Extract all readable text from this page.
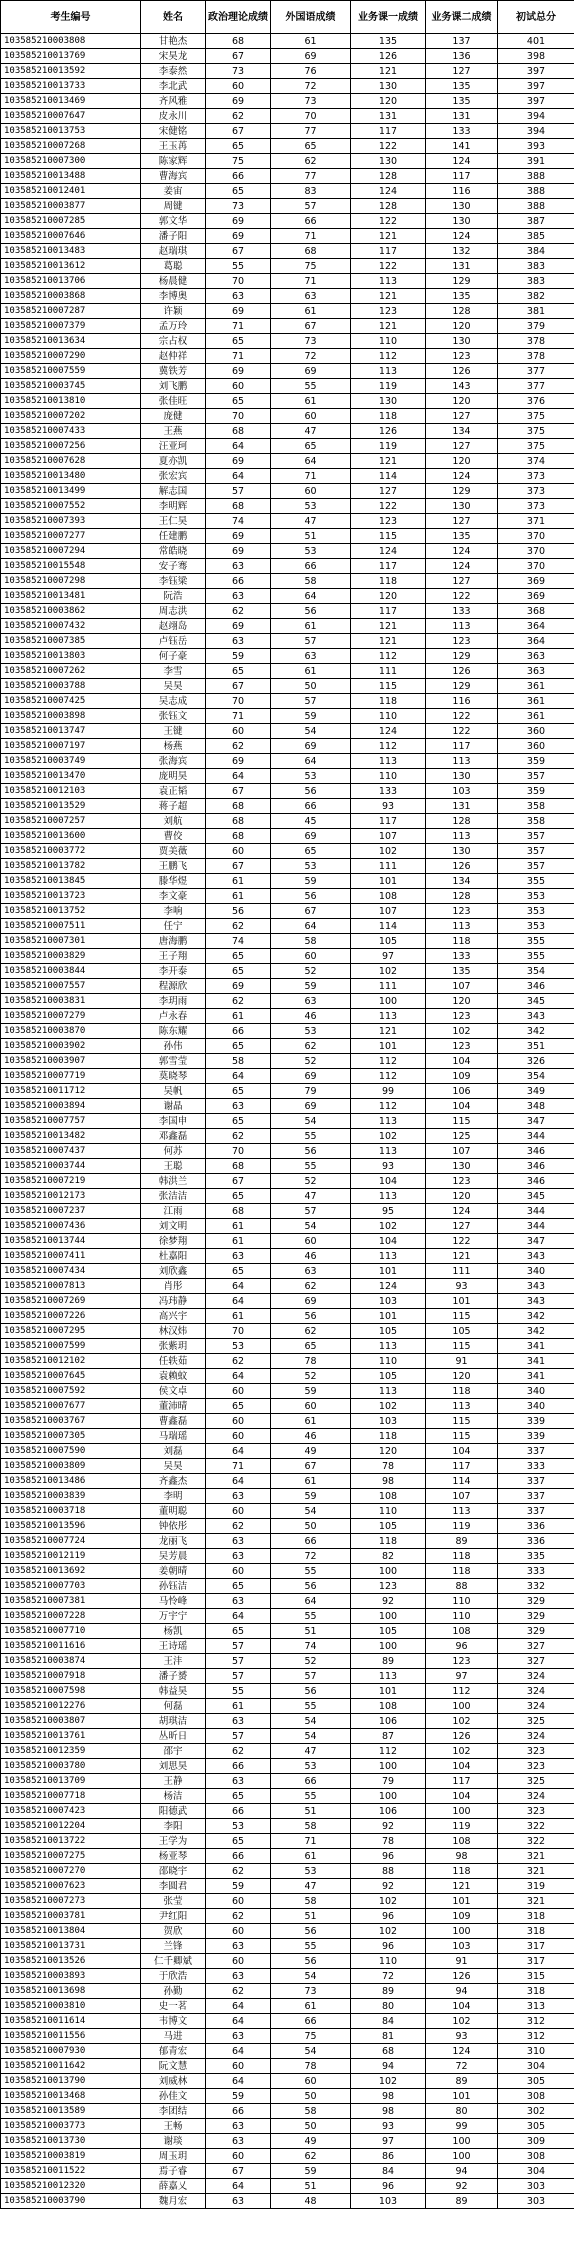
考生编号	姓名	政治理论成绩	外国语成绩	业务课一成绩	业务课二成绩	初试总分
103585210003808	甘艳杰	68	61	135	137	401
103585210013769	宋昊龙	67	69	126	136	398
103585210013592	李泰然	73	76	121	127	397
103585210013733	李北武	60	72	130	135	397
103585210013469	齐风雅	69	73	120	135	397
103585210007647	皮永川	62	70	131	131	394
103585210013753	宋健铭	67	77	117	133	394
103585210007268	王玉苒	65	65	122	141	393
103585210007300	陈家辉	75	62	130	124	391
103585210013488	曹海宾	66	77	128	117	388
103585210012401	姜宙	65	83	124	116	388
103585210003877	周键	73	57	128	130	388
103585210007285	郭文华	69	66	122	130	387
103585210007646	潘子阳	69	71	121	124	385
103585210013483	赵瑞琪	67	68	117	132	384
103585210013612	葛聪	55	75	122	131	383
103585210013706	杨晨健	70	71	113	129	383
103585210003868	李博奥	63	63	121	135	382
103585210007287	许颖	69	61	123	128	381
103585210007379	孟万玲	71	67	121	120	379
103585210013634	宗占权	65	73	110	130	378
103585210007290	赵仲祥	71	72	112	123	378
103585210007559	冀铁芳	69	69	113	126	377
103585210003745	刘飞鹏	60	55	119	143	377
103585210013810	张佳旺	65	61	130	120	376
103585210007202	庞健	70	60	118	127	375
103585210007433	王燕	68	47	126	134	375
103585210007256	汪亚珂	64	65	119	127	375
103585210007628	夏亦凯	69	64	121	120	374
103585210013480	张宏宾	64	71	114	124	373
103585210013499	解志国	57	60	127	129	373
103585210007552	李明辉	68	53	122	130	373
103585210007393	王仁昊	74	47	123	127	371
103585210007277	任建鹏	69	51	115	135	370
103585210007294	常皓晓	69	53	124	124	370
103585210015548	安子骞	63	66	117	124	370
103585210007298	李钰梁	66	58	118	127	369
103585210013481	阮浩	63	64	120	122	369
103585210003862	周志洪	62	56	117	133	368
103585210007432	赵翊岛	69	61	121	113	364
103585210007385	卢钰岳	63	57	121	123	364
103585210013803	何子豪	59	63	112	129	363
103585210007262	李雪	65	61	111	126	363
103585210003788	吴昊	67	50	115	129	361
103585210007425	吴志成	70	57	118	116	361
103585210003898	张钰文	71	59	110	122	361
103585210013747	王键	60	54	124	122	360
103585210007197	杨燕	62	69	112	117	360
103585210003749	张海宾	69	64	113	113	359
103585210013470	庞明昊	64	53	110	130	357
103585210012103	袁正韬	67	56	133	103	359
103585210013529	蒋子超	68	66	93	131	358
103585210007257	刘航	68	45	117	128	358
103585210013600	曹佼	68	69	107	113	357
103585210003772	贾美薇	60	65	102	130	357
103585210013782	王鹏飞	67	53	111	126	357
103585210013845	滕华煜	61	59	101	134	355
103585210013723	李文豪	61	56	108	128	353
103585210013752	李响	56	67	107	123	353
103585210007511	任宁	62	64	114	113	353
103585210007301	唐海鹏	74	58	105	118	355
103585210003829	王子翔	65	60	97	133	355
103585210003844	李开泰	65	52	102	135	354
103585210007557	程源欣	69	59	111	107	346
103585210003831	李玥雨	62	63	100	120	345
103585210007279	卢永春	61	46	113	123	343
103585210003870	陈东耀	66	53	121	102	342
103585210003902	孙伟	65	62	101	123	351
103585210003907	郭雪莹	58	52	112	104	326
103585210007719	莫晓琴	64	69	112	109	354
103585210011712	吴帆	65	79	99	106	349
103585210003894	谢晶	63	69	112	104	348
103585210007757	李国申	65	54	113	115	347
103585210013482	邓鑫磊	62	55	102	125	344
103585210007437	何苏	70	56	113	107	346
103585210003744	王聪	68	55	93	130	346
103585210007219	韩洪兰	67	52	104	123	346
103585210012173	张洁洁	65	47	113	120	345
103585210007237	江雨	68	57	95	124	344
103585210007436	刘文明	61	54	102	127	344
103585210013744	徐梦翔	61	60	104	122	347
103585210007411	杜嘉阳	63	46	113	121	343
103585210007434	刘欣鑫	65	63	101	111	340
103585210007813	肖彤	64	62	124	93	343
103585210007269	冯玮静	64	69	103	101	343
103585210007226	高兴宇	61	56	101	115	342
103585210007295	林汉炜	70	62	105	105	342
103585210007599	张紫玥	53	65	113	115	341
103585210012102	任轶茹	62	78	110	91	341
103585210007645	袁赖蚊	64	52	105	120	341
103585210007592	侯文卓	60	59	113	118	340
103585210007677	董沛晴	65	60	102	113	340
103585210003767	曹鑫磊	60	61	103	115	339
103585210007305	马瑞瑶	60	46	118	115	339
103585210007590	刘磊	64	49	120	104	337
103585210003809	吴昊	71	67	78	117	333
103585210013486	齐鑫杰	64	61	98	114	337
103585210003839	李明	63	59	108	107	337
103585210003718	董明聪	60	54	110	113	337
103585210013596	钟依彤	62	50	105	119	336
103585210007724	龙丽飞	63	66	118	89	336
103585210012119	吴芳晨	63	72	82	118	335
103585210013692	姜朝晴	60	55	100	118	333
103585210007703	孙钰洁	65	56	123	88	332
103585210007381	马怜峰	63	64	92	110	329
103585210007228	万宇宁	64	55	100	110	329
103585210007710	杨凯	65	51	105	108	329
103585210011616	王诗瑶	57	74	100	96	327
103585210003874	王沣	57	52	89	123	327
103585210007918	潘子赟	57	57	113	97	324
103585210007598	韩益昊	55	56	101	112	324
103585210012276	何磊	61	55	108	100	324
103585210003807	胡琪洁	63	54	106	102	325
103585210013761	丛昕日	57	54	87	126	324
103585210012359	邵宇	62	47	112	102	323
103585210003780	刘思昊	66	53	100	104	323
103585210013709	王静	63	66	79	117	325
103585210007718	杨洁	65	55	100	104	324
103585210007423	阳德武	66	51	106	100	323
103585210012204	李阳	53	58	92	119	322
103585210013722	王学为	65	71	78	108	322
103585210007275	杨亚琴	66	61	96	98	321
103585210007270	邵晓宇	62	53	88	118	321
103585210007623	李圆君	59	47	92	121	319
103585210007273	张莹	60	58	102	101	321
103585210003781	尹红阳	62	51	96	109	318
103585210013804	贺欣	60	56	102	100	318
103585210013731	兰锋	63	55	96	103	317
103585210013526	仁千卿斌	60	56	110	91	317
103585210003893	于欣浩	63	54	72	126	315
103585210013698	孙勤	62	73	89	94	318
103585210003810	史一茗	64	61	80	104	313
103585210011614	韦博文	64	66	84	102	312
103585210011556	马进	63	75	81	93	312
103585210007930	郁青宏	64	54	68	124	310
103585210011642	阮文慧	60	78	94	72	304
103585210013790	刘威林	64	60	102	89	305
103585210013468	孙佳文	59	50	98	101	308
103585210013589	李团结	66	58	98	80	302
103585210003773	王畅	63	50	93	99	305
103585210013730	谢琰	63	49	97	100	309
103585210003819	周玉玥	60	62	86	100	308
103585210011522	焉子睿	67	59	84	94	304
103585210012320	薛嘉乂	64	51	96	92	303
103585210003790	魏月宏	63	48	103	89	303
